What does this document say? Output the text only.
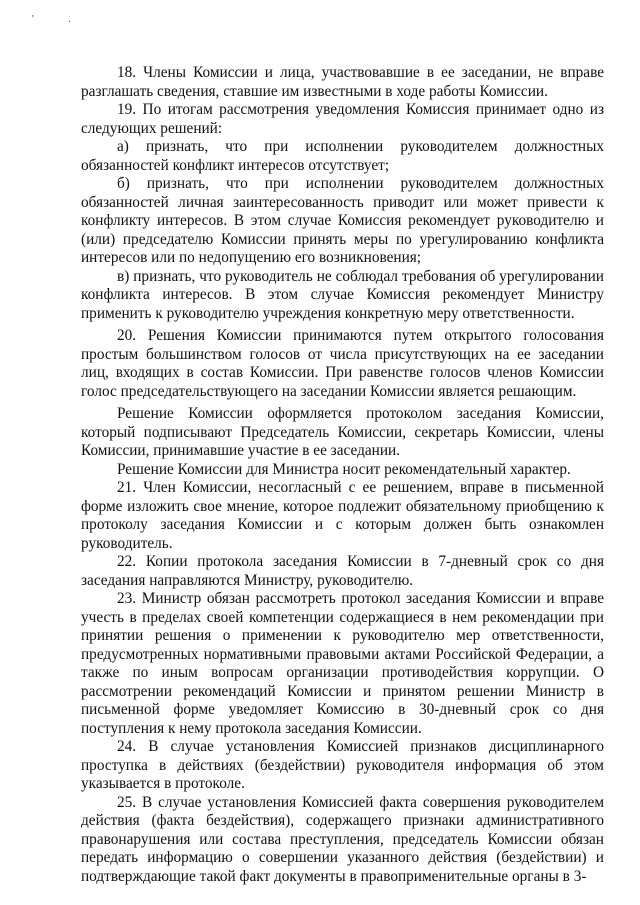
' .

18. Члены Комиссии и лица, участвовавшие в ее заседании, не вправе разглашать сведения, ставшие им известными в ходе работы Комиссии.

19. По итогам рассмотрения уведомления Комиссия принимает одно из следующих решений:

а) признать, что при исполнении руководителем должностных обязанностей конфликт интересов отсутствует;

б) признать, что при исполнении руководителем должностных обязанностей личная заинтересованность приводит или может привести к конфликту интересов. В этом случае Комиссия рекомендует руководителю и (или) председателю Комиссии принять меры по урегулированию конфликта интересов или по недопущению его возникновения;

в) признать, что руководитель не соблюдал требования об урегулировании конфликта интересов. В этом случае Комиссия рекомендует Министру применить к руководителю учреждения конкретную меру ответственности.

20. Решения Комиссии принимаются путем открытого голосования простым большинством голосов от числа присутствующих на ее заседании лиц, входящих в состав Комиссии. При равенстве голосов членов Комиссии голос председательствующего на заседании Комиссии является решающим.

Решение Комиссии оформляется протоколом заседания Комиссии, который подписывают Председатель Комиссии, секретарь Комиссии, члены Комиссии, принимавшие участие в ее заседании.

Решение Комиссии для Министра носит рекомендательный характер.

21. Член Комиссии, несогласный с ее решением, вправе в письменной форме изложить свое мнение, которое подлежит обязательному приобщению к протоколу заседания Комиссии и с которым должен быть ознакомлен руководитель.

22. Копии протокола заседания Комиссии в 7-дневный срок со дня заседания направляются Министру, руководителю.

23. Министр обязан рассмотреть протокол заседания Комиссии и вправе учесть в пределах своей компетенции содержащиеся в нем рекомендации при принятии решения о применении к руководителю мер ответственности, предусмотренных нормативными правовыми актами Российской Федерации, а также по иным вопросам организации противодействия коррупции. О рассмотрении рекомендаций Комиссии и принятом решении Министр в письменной форме уведомляет Комиссию в 30-дневный срок со дня поступления к нему протокола заседания Комиссии.

24. В случае установления Комиссией признаков дисциплинарного проступка в действиях (бездействии) руководителя информация об этом указывается в протоколе.

25. В случае установления Комиссией факта совершения руководителем действия (факта бездействия), содержащего признаки административного правонарушения или состава преступления, председатель Комиссии обязан передать информацию о совершении указанного действия (бездействии) и подтверждающие такой факт документы в правоприменительные органы в 3-
